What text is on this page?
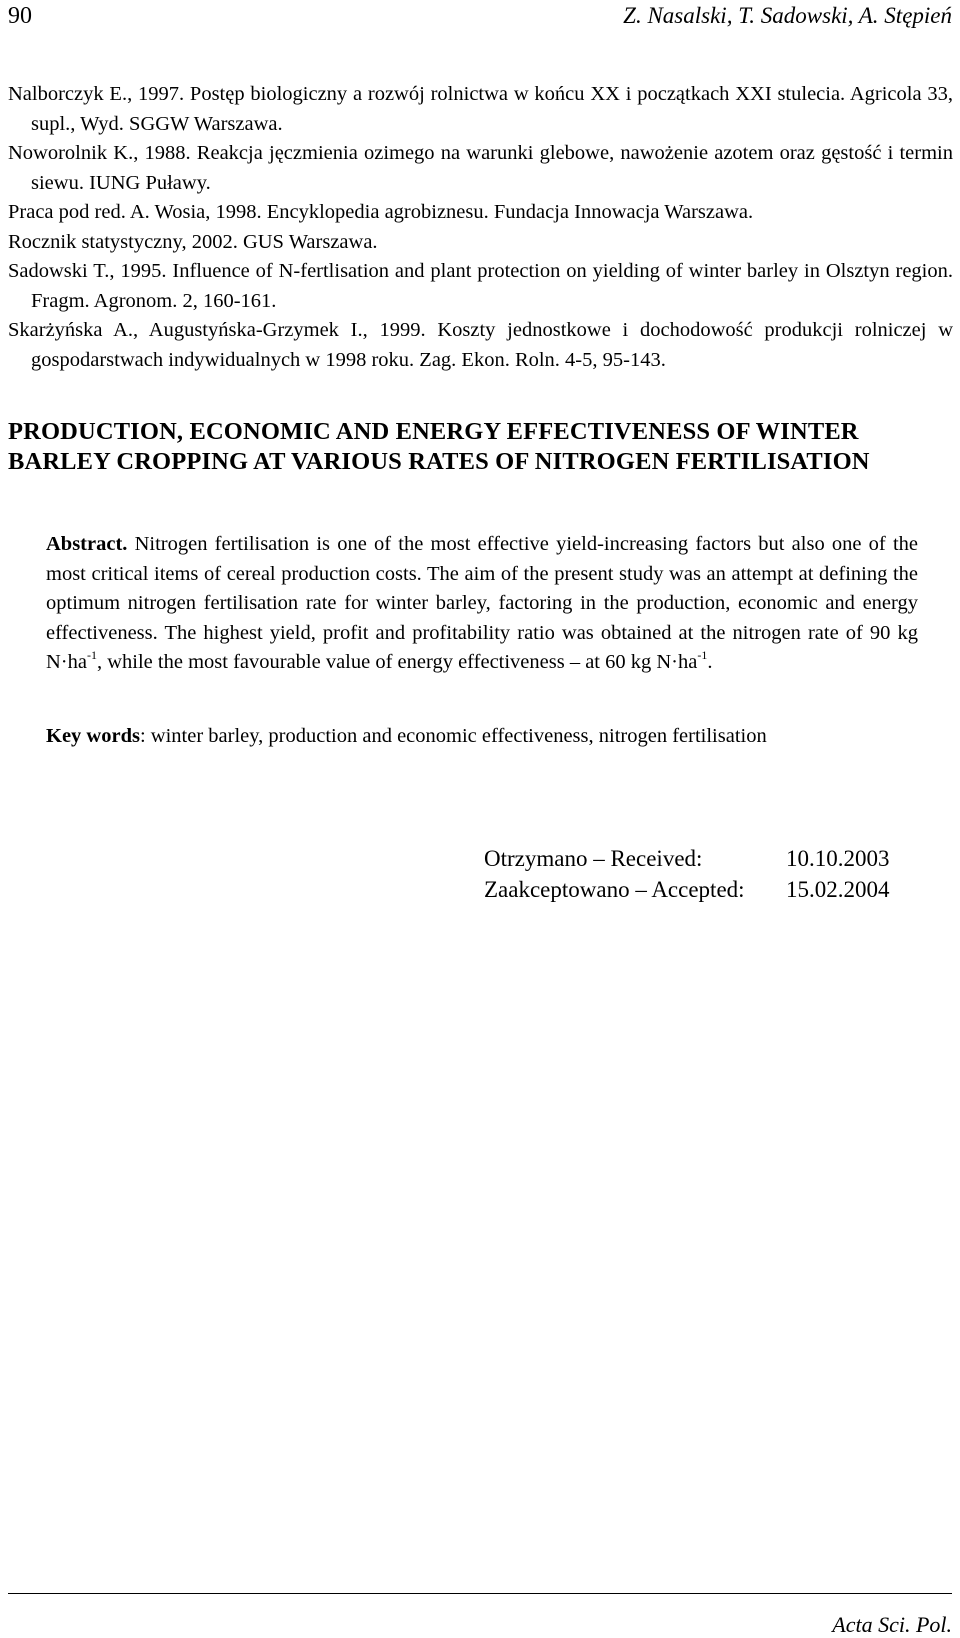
90	Z. Nasalski, T. Sadowski, A. Stępień

Nalborczyk E., 1997. Postęp biologiczny a rozwój rolnictwa w końcu XX i początkach XXI stulecia. Agricola 33, supl., Wyd. SGGW Warszawa.

Noworolnik K., 1988. Reakcja jęczmienia ozimego na warunki glebowe, nawożenie azotem oraz gęstość i termin siewu. IUNG Puławy.

Praca pod red. A. Wosia, 1998. Encyklopedia agrobiznesu. Fundacja Innowacja Warszawa.

Rocznik statystyczny, 2002. GUS Warszawa.

Sadowski T., 1995. Influence of N-fertlisation and plant protection on yielding of winter barley in Olsztyn region. Fragm. Agronom. 2, 160-161.

Skarżyńska A., Augustyńska-Grzymek I., 1999. Koszty jednostkowe i dochodowość produkcji rolniczej w gospodarstwach indywidualnych w 1998 roku. Zag. Ekon. Roln. 4-5, 95-143.

PRODUCTION, ECONOMIC AND ENERGY EFFECTIVENESS OF WINTER BARLEY CROPPING AT VARIOUS RATES OF NITROGEN FERTILISATION
Abstract. Nitrogen fertilisation is one of the most effective yield-increasing factors but also one of the most critical items of cereal production costs. The aim of the present study was an attempt at defining the optimum nitrogen fertilisation rate for winter barley, factoring in the production, economic and energy effectiveness. The highest yield, profit and profitability ratio was obtained at the nitrogen rate of 90 kg $N\cdot ha^{-1}$, while the most favourable value of energy effectiveness – at 60 kg $N\cdot ha^{-1}$.
Key words: winter barley, production and economic effectiveness, nitrogen fertilisation
Otrzymano – Received:	10.10.2003
Zaakceptowano – Accepted:	15.02.2004
Acta Sci. Pol.
